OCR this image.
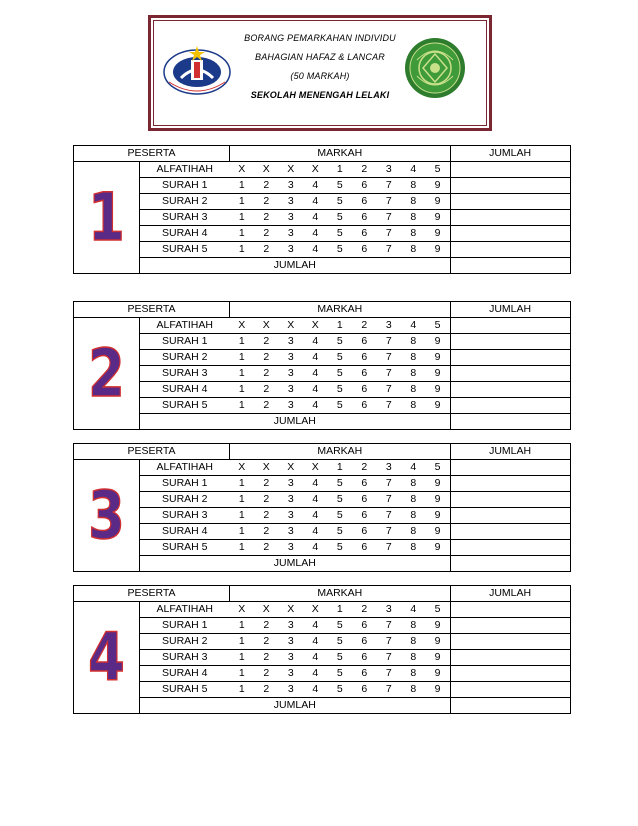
BORANG PEMARKAHAN INDIVIDU
BAHAGIAN HAFAZ & LANCAR
(50 MARKAH)
SEKOLAH MENENGAH LELAKI
PESERTA		MARKAH									JUMLAH

1	ALFATIHAH	X	X	X	X	1	2	3	4	5	
	SURAH 1	1	2	3	4	5	6	7	8	9	
	SURAH 2	1	2	3	4	5	6	7	8	9	
	SURAH 3	1	2	3	4	5	6	7	8	9	
	SURAH 4	1	2	3	4	5	6	7	8	9	
	SURAH 5	1	2	3	4	5	6	7	8	9	
	JUMLAH										
PESERTA		MARKAH									JUMLAH

2	ALFATIHAH	X	X	X	X	1	2	3	4	5	
	SURAH 1	1	2	3	4	5	6	7	8	9	
	SURAH 2	1	2	3	4	5	6	7	8	9	
	SURAH 3	1	2	3	4	5	6	7	8	9	
	SURAH 4	1	2	3	4	5	6	7	8	9	
	SURAH 5	1	2	3	4	5	6	7	8	9	
	JUMLAH										
PESERTA		MARKAH									JUMLAH

3	ALFATIHAH	X	X	X	X	1	2	3	4	5	
	SURAH 1	1	2	3	4	5	6	7	8	9	
	SURAH 2	1	2	3	4	5	6	7	8	9	
	SURAH 3	1	2	3	4	5	6	7	8	9	
	SURAH 4	1	2	3	4	5	6	7	8	9	
	SURAH 5	1	2	3	4	5	6	7	8	9	
	JUMLAH										
PESERTA		MARKAH									JUMLAH

4	ALFATIHAH	X	X	X	X	1	2	3	4	5	
	SURAH 1	1	2	3	4	5	6	7	8	9	
	SURAH 2	1	2	3	4	5	6	7	8	9	
	SURAH 3	1	2	3	4	5	6	7	8	9	
	SURAH 4	1	2	3	4	5	6	7	8	9	
	SURAH 5	1	2	3	4	5	6	7	8	9	
	JUMLAH										
